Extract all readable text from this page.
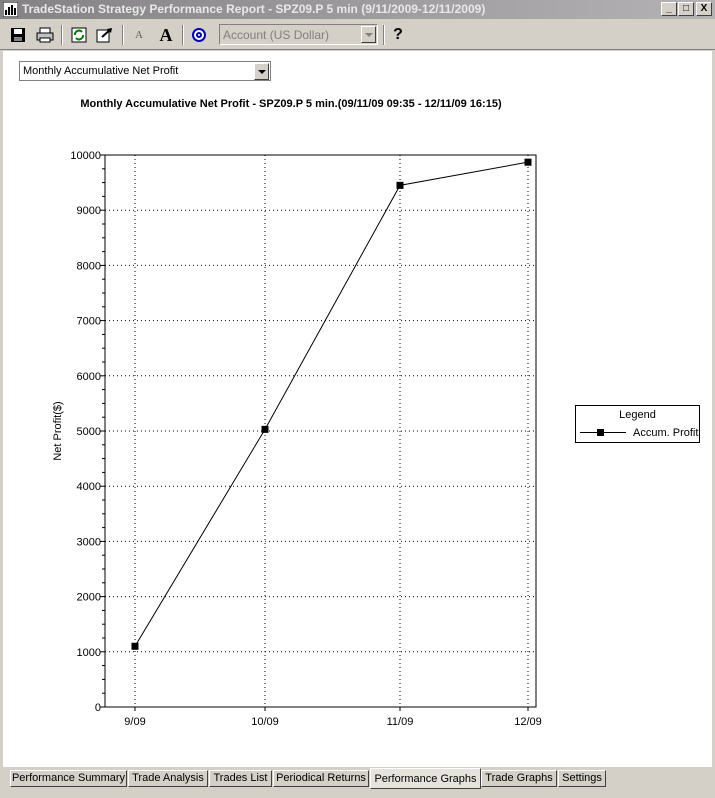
TradeStation Strategy Performance Report - SPZ09.P 5 min (9/11/2009-12/11/2009)	_	□	X
A A	?
Account (US Dollar)
Monthly Accumulative Net Profit
Monthly Accumulative Net Profit - SPZ09.P 5 min.(09/11/09 09:35 - 12/11/09 16:15)
0
1000
2000
3000
4000
5000
6000
7000
8000
9000
10000
9/09	10/09	11/09	12/09
Net Profit($)	Legend
Accum. Profit
Performance Summary Trade Analysis Trades List Periodical Returns Performance Graphs Trade Graphs Settings
